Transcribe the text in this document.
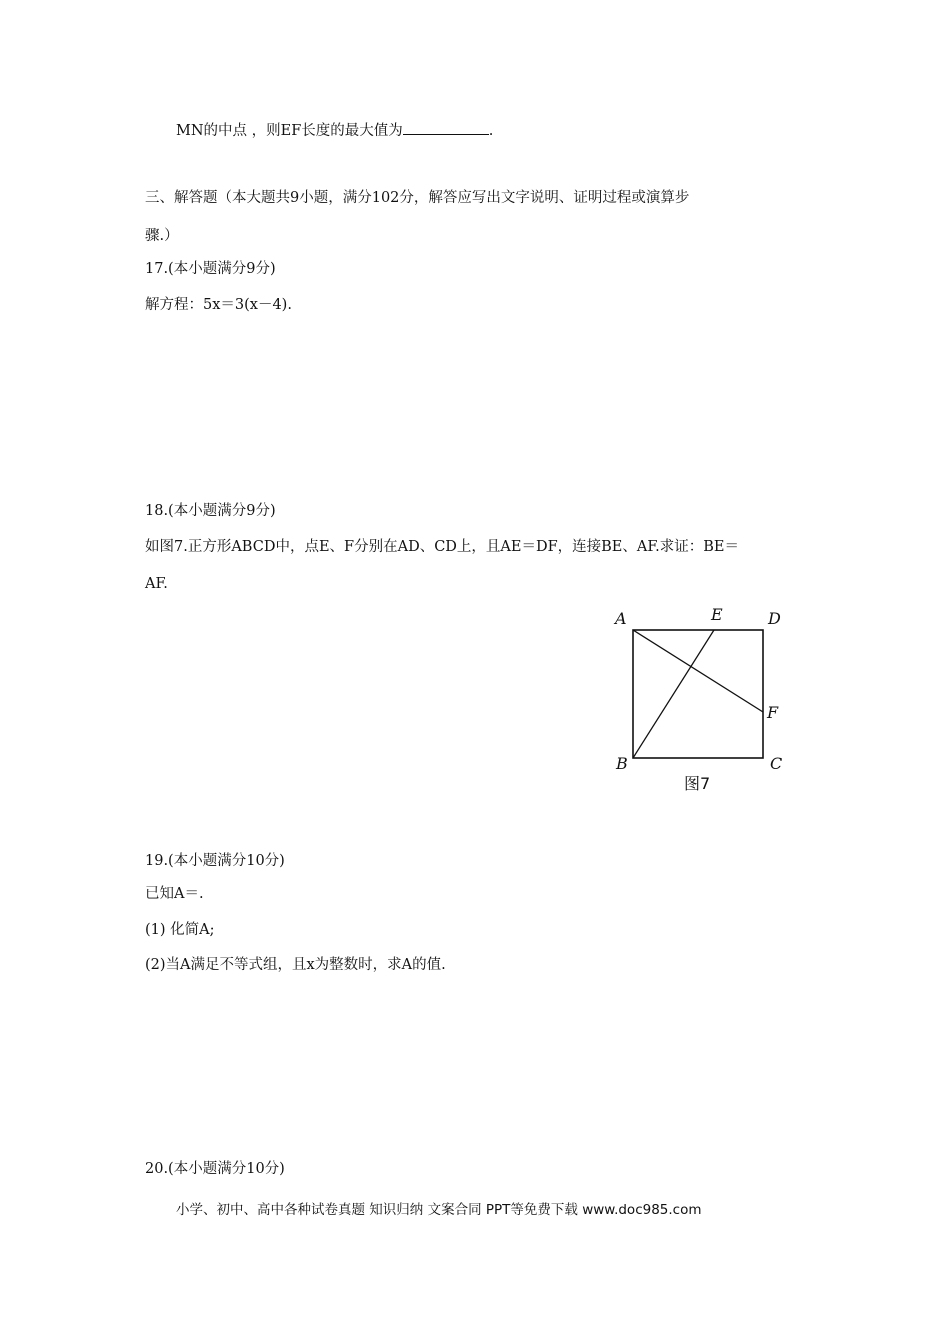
MN的中点 ，则EF长度的最大值为	.
三、解答题（本大题共9小题，满分102分，解答应写出文字说明、证明过程或演算步
骤.）
17.(本小题满分9分)
解方程：5x＝3(x－4).
18.(本小题满分9分)
如图7.正方形ABCD中，点E、F分别在AD、CD上，且AE＝DF，连接BE、AF.求证：BE＝
AF.
A	E	D
F
B	C
图7
19.(本小题满分10分)
已知A＝.
(1) 化简A;
(2)当A满足不等式组，且x为整数时，求A的值.
20.(本小题满分10分)
小学、初中、高中各种试卷真题 知识归纳 文案合同 PPT等免费下载 www.doc985.com
